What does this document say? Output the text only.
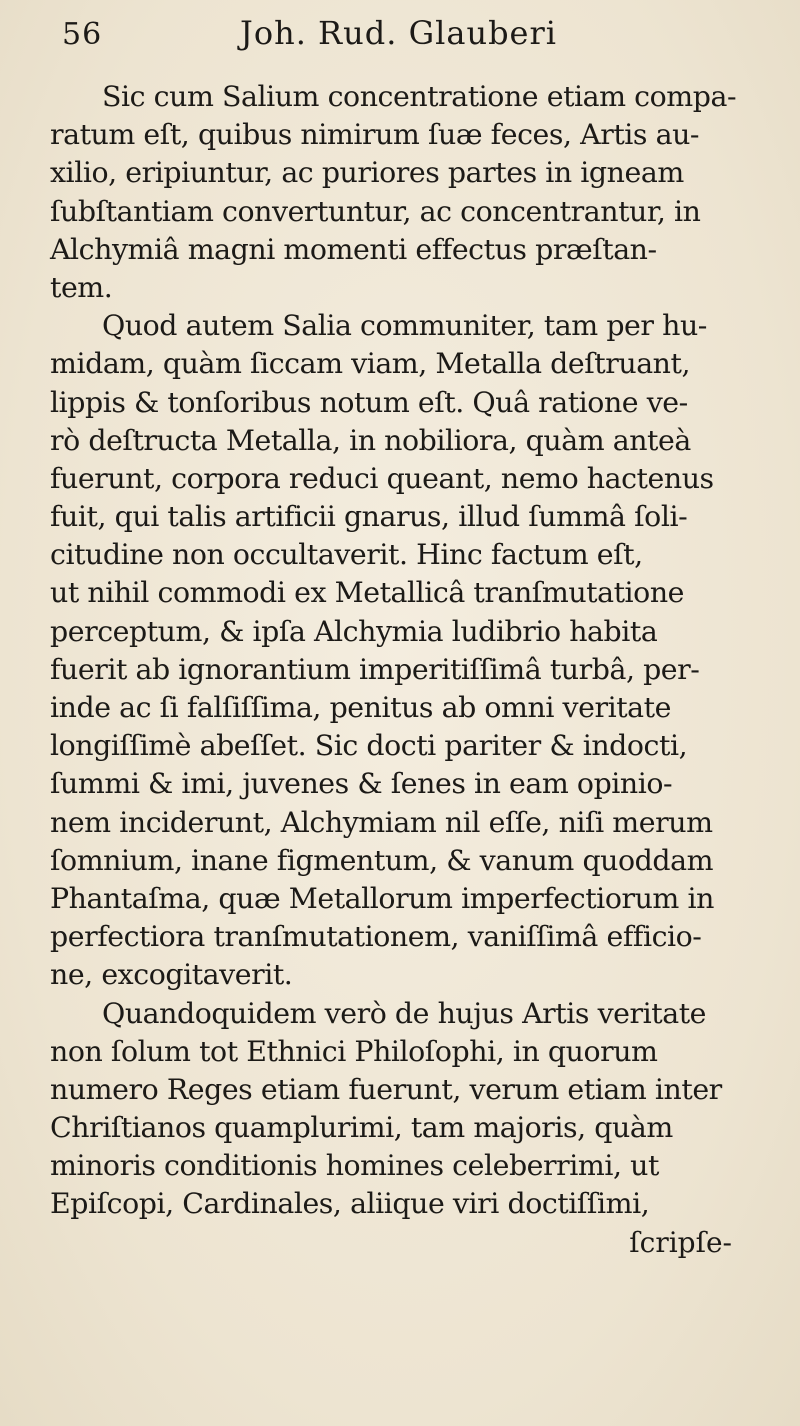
56	Joh. Rud. Glauberi
Sic cum Salium concentratione etiam compa-
ratum eſt, quibus nimirum ſuæ feces, Artis au-
xilio, eripiuntur, ac puriores partes in igneam
ſubſtantiam convertuntur, ac concentrantur, in
Alchymiâ magni momenti effectus præſtan-
tem.
Quod autem Salia communiter, tam per hu-
midam, quàm ſiccam viam, Metalla deſtruant,
lippis & tonſoribus notum eſt. Quâ ratione ve-
rò deſtructa Metalla, in nobiliora, quàm anteà
fuerunt, corpora reduci queant, nemo hactenus
fuit, qui talis artificii gnarus, illud ſummâ ſoli-
citudine non occultaverit. Hinc factum eſt,
ut nihil commodi ex Metallicâ tranſmutatione
perceptum, & ipſa Alchymia ludibrio habita
fuerit ab ignorantium imperitiſſimâ turbâ, per-
inde ac ſi falſiſſima, penitus ab omni veritate
longiſſimè abeſſet. Sic docti pariter & indocti,
ſummi & imi, juvenes & ſenes in eam opinio-
nem inciderunt, Alchymiam nil eſſe, niſi merum
ſomnium, inane figmentum, & vanum quoddam
Phantaſma, quæ Metallorum imperfectiorum in
perfectiora tranſmutationem, vaniſſimâ efficio-
ne, excogitaverit.
Quandoquidem verò de hujus Artis veritate
non ſolum tot Ethnici Philoſophi, in quorum
numero Reges etiam fuerunt, verum etiam inter
Chriſtianos quamplurimi, tam majoris, quàm
minoris conditionis homines celeberrimi, ut
Epiſcopi, Cardinales, aliique viri doctiſſimi,
ſcripſe-
